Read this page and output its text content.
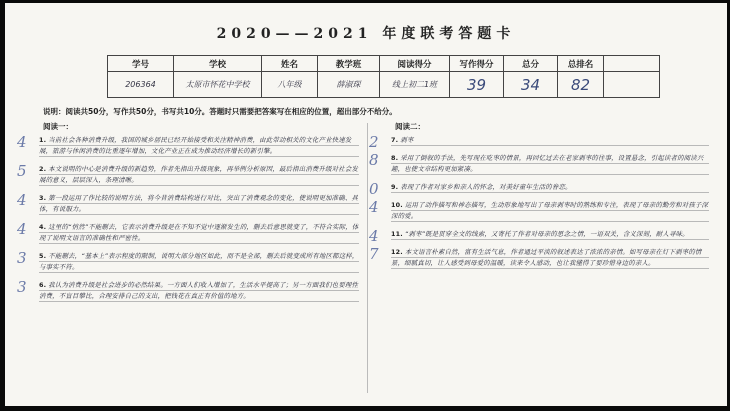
2020——2021 年度联考答题卡
学号	学校	姓名	教学班	阅读得分	写作得分	总分	总排名	
206364	太原市怀花中学校	八年级	薛淑琛	线上初二1班	39	34	82	
说明：阅读共50分，写作共50分，书写共10分。答题时只需要把答案写在相应的位置，超出部分不给分。
阅读一：	阅读二：
4 1. 当前社会各种消费升级，我国的城乡居民已经开始接受和关注精神消费，由此带动相关的文化产业快速发展，旅游与休闲消费的比重逐年增加，文化产业正在成为推动经济增长的新引擎。
5 2. 本文说明的中心是消费升级的新趋势，作者先指出升级现象，再举例分析原因，最后指出消费升级对社会发展的意义，层层深入，条理清晰。
4 3. 第一段运用了作比较的说明方法，将今昔消费结构进行对比，突出了消费观念的变化，使说明更加准确、具体，有说服力。
4 4. 这里的“悄然”不能删去，它表示消费升级是在不知不觉中逐渐发生的，删去后意思就变了，不符合实际，体现了说明文语言的准确性和严密性。
3 5. 不能删去，“基本上”表示程度的限制，说明大部分地区如此，而不是全部，删去后就变成所有地区都这样，与事实不符。
3 6. 我认为消费升级是社会进步的必然结果。一方面人们收入增加了，生活水平提高了；另一方面我们也要理性消费，不盲目攀比，合理安排自己的支出，把钱花在真正有价值的地方。
2 7. 剥枣
8 8. 采用了倒叙的手法，先写现在吃枣的情景，再回忆过去在老家剥枣的往事，设置悬念，引起读者的阅读兴趣，也使文章结构更加紧凑。
0 9. 表现了作者对家乡和亲人的怀念，对美好童年生活的眷恋。
4 10. 运用了动作描写和神态描写，生动形象地写出了母亲剥枣时的熟练和专注，表现了母亲的勤劳和对孩子深深的爱。
4 11. “剥枣”既是贯穿全文的线索，又寄托了作者对母亲的思念之情，一语双关，含义深刻，耐人寻味。
7 12. 本文语言朴素自然，富有生活气息，作者通过平淡的叙述表达了浓浓的亲情。如写母亲在灯下剥枣的情景，细腻真切，让人感受到母爱的温暖，读来令人感动，也让我懂得了要珍惜身边的亲人。
